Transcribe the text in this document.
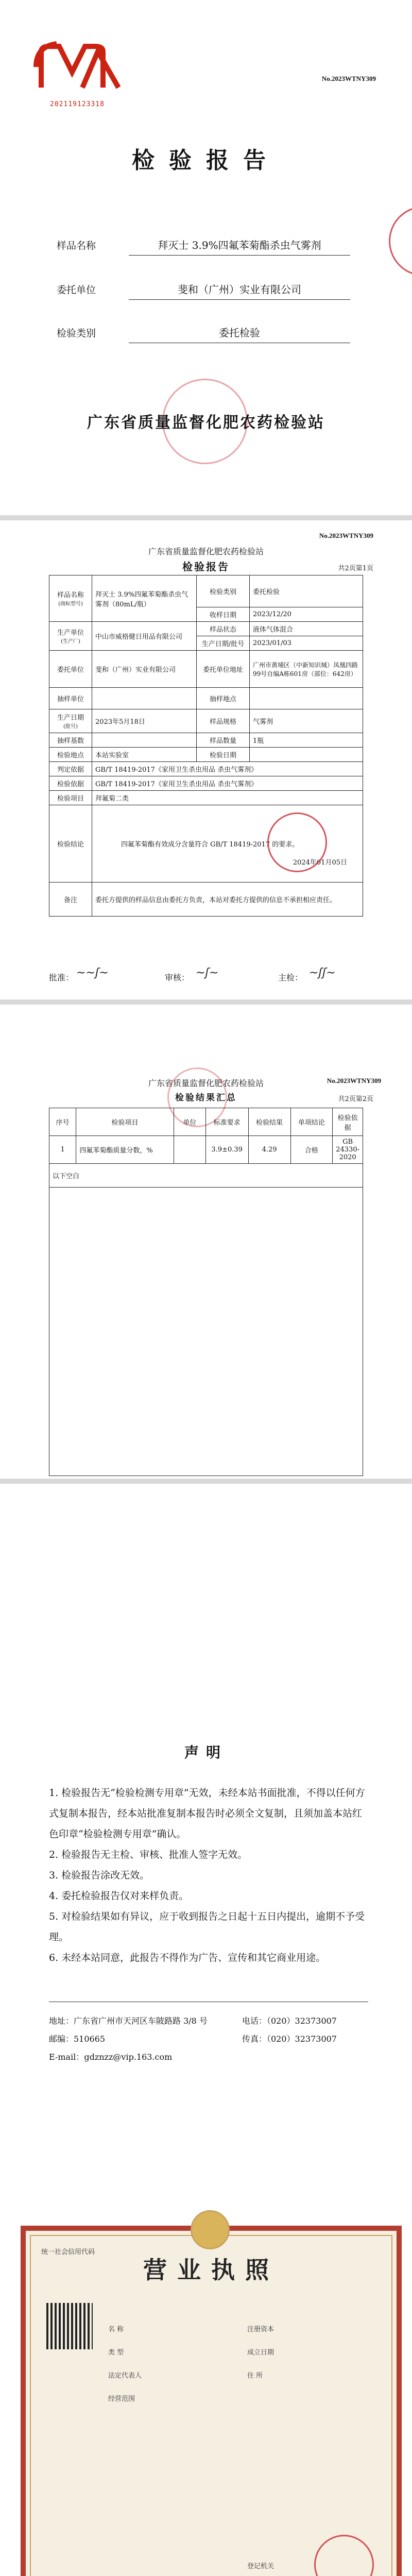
202119123318
No.2023WTNY309
检验报告
样品名称	拜灭士 3.9%四氟苯菊酯杀虫气雾剂
委托单位	斐和（广州）实业有限公司
检验类别	委托检验
广东省质量监督化肥农药检验站
No.2023WTNY309
广东省质量监督化肥农药检验站
检验报告	共2页第1页
样品名称
(商标型号)	拜灭士 3.9%四氟苯菊酯杀虫气雾剂（80mL/瓶）	检验类别	委托检验
		收样日期	2023/12/20
生产单位
(生产厂)	中山市威格健日用品有限公司	样品状态	液体气体混合
		生产日期/批号	2023/01/03
委托单位	斐和（广州）实业有限公司	委托单位地址	广州市黄埔区（中新知识城）凤凰四路99号自编A栋601房（部位：642房）
抽样单位		抽样地点	
生产日期
(批号)	2023年5月18日	样品规格	气雾剂
抽样基数		样品数量	1瓶
检验地点	本站实验室	检验日期	
判定依据	GB/T 18419-2017《家用卫生杀虫用品 杀虫气雾剂》		
检验依据	GB/T 18419-2017《家用卫生杀虫用品 杀虫气雾剂》		
检验项目	拜氟菊二类		
检验结论	四氟苯菊酯有效成分含量符合 GB/T 18419-2017 的要求。
2024年01月05日		

备注	委托方提供的样品信息由委托方负责，本站对委托方提供的信息不承担相应责任。		
批准： ~~ʃ~	审核： ~ʃ~	主检： ~ʃʃ~
No.2023WTNY309
广东省质量监督化肥农药检验站
检验结果汇总	共2页第2页
序号	检验项目	单位	标准要求	检验结果	单项结论	检验依据
1	四氟苯菊酯质量分数，%		3.9±0.39	4.29	合格	GB 24330-2020
以下空白						

声明
1. 检验报告无“检验检测专用章”无效，未经本站书面批准，不得以任何方式复制本报告，经本站批准复制本报告时必须全文复制，且须加盖本站红色印章“检验检测专用章”确认。
2. 检验报告无主检、审核、批准人签字无效。
3. 检验报告涂改无效。
4. 委托检验报告仅对来样负责。
5. 对检验结果如有异议，应于收到报告之日起十五日内提出，逾期不予受理。
6. 未经本站同意，此报告不得作为广告、宣传和其它商业用途。
地址：广东省广州市天河区车陂路路 3/8 号	电话：（020）32373007
邮编：510665	传真：（020）32373007
E-mail：gdznzz@vip.163.com
统一社会信用代码
营业执照
名 称
类 型
法定代表人
经营范围
注册资本
成立日期
住 所
登记机关
